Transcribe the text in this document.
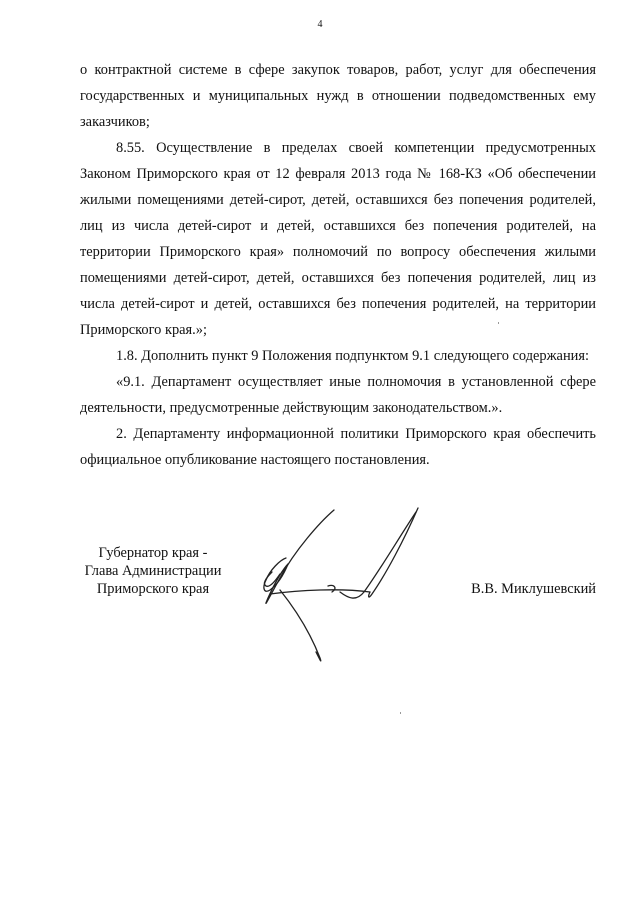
4

о контрактной системе в сфере закупок товаров, работ, услуг для обеспечения государственных и муниципальных нужд в отношении подведомственных ему заказчиков;

8.55. Осуществление в пределах своей компетенции предусмотренных Законом Приморского края от 12 февраля 2013 года № 168-КЗ «Об обеспечении жилыми помещениями детей-сирот, детей, оставшихся без попечения родителей, лиц из числа детей-сирот и детей, оставшихся без попечения родителей, на территории Приморского края» полномочий по вопросу обеспечения жилыми помещениями детей-сирот, детей, оставшихся без попечения родителей, лиц из числа детей-сирот и детей, оставшихся без попечения родителей, на территории Приморского края.»;

1.8. Дополнить пункт 9 Положения подпунктом 9.1 следующего содержания:

«9.1. Департамент осуществляет иные полномочия в установленной сфере деятельности, предусмотренные действующим законодательством.».

2. Департаменту информационной политики Приморского края обеспечить официальное опубликование настоящего постановления.

Губернатор края -
Глава Администрации
Приморского края	В.В. Миклушевский
